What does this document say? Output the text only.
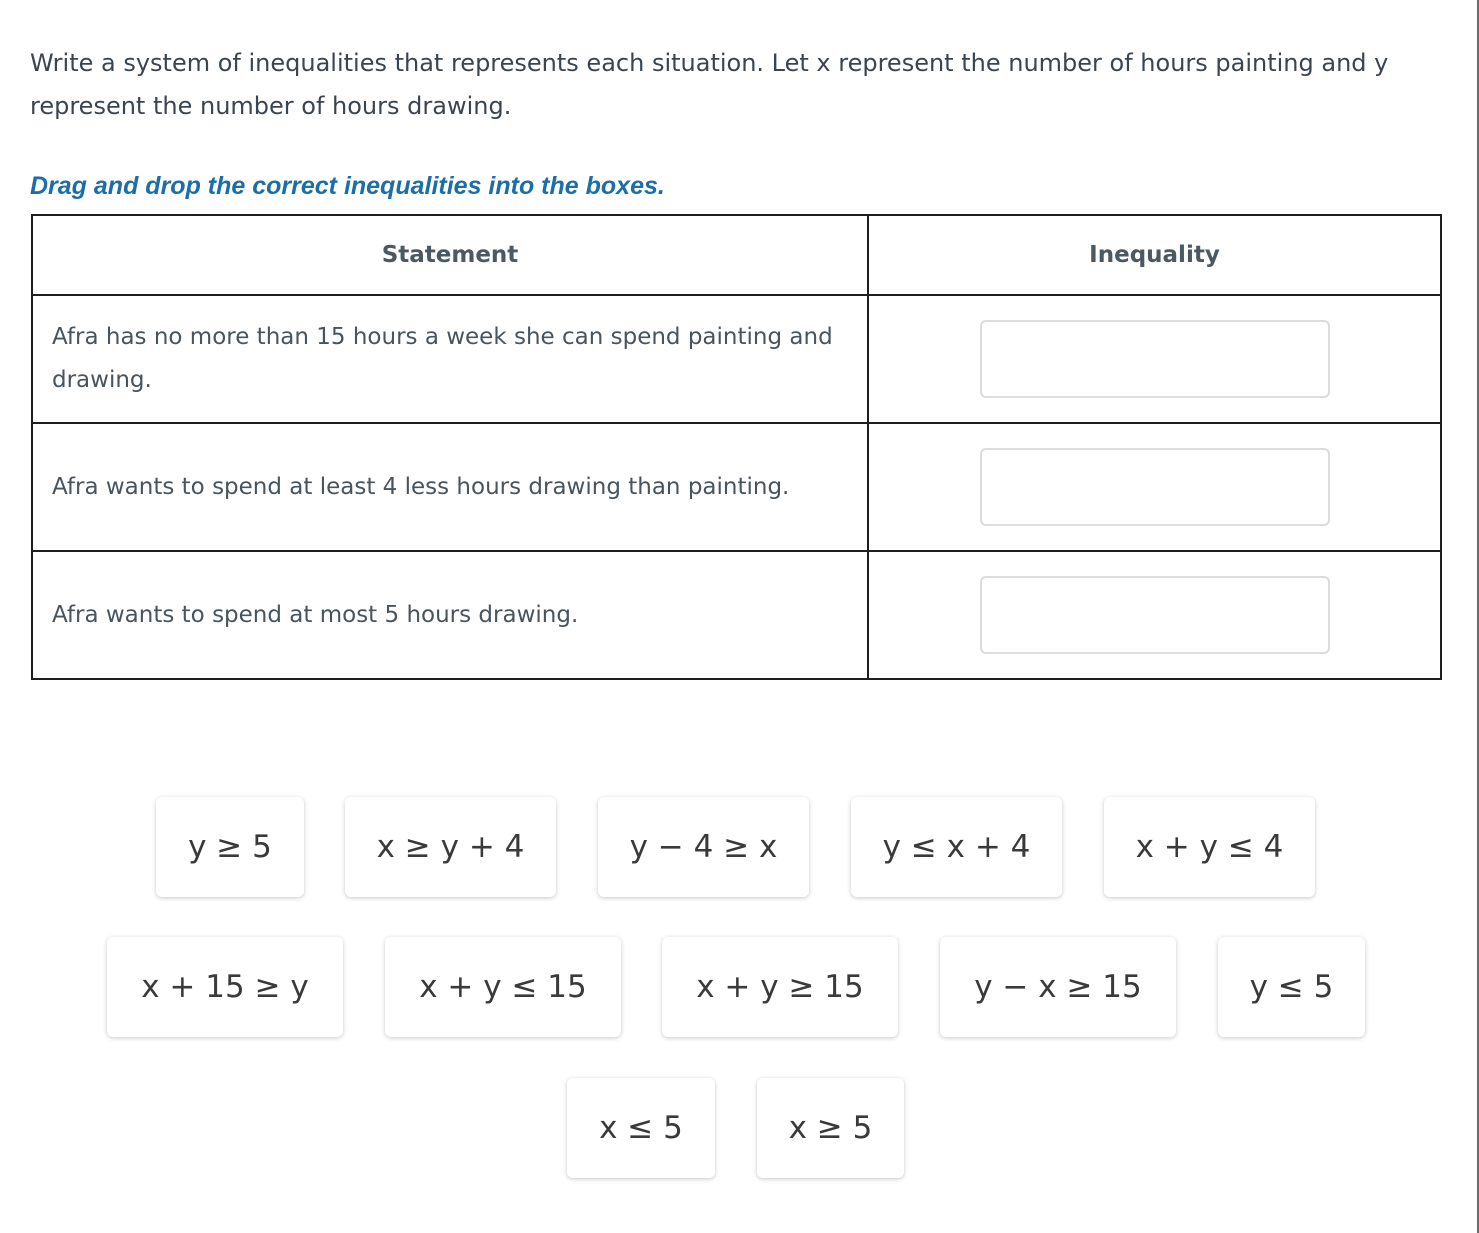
Write a system of inequalities that represents each situation. Let x represent the number of hours painting and y represent the number of hours drawing.
Drag and drop the correct inequalities into the boxes.
Statement	Inequality
Afra has no more than 15 hours a week she can spend painting and drawing.	
Afra wants to spend at least 4 less hours drawing than painting.	
Afra wants to spend at most 5 hours drawing.	
y ≥ 5	x ≥ y + 4	y − 4 ≥ x	y ≤ x + 4	x + y ≤ 4
x + 15 ≥ y	x + y ≤ 15	x + y ≥ 15	y − x ≥ 15	y ≤ 5
x ≤ 5	x ≥ 5
